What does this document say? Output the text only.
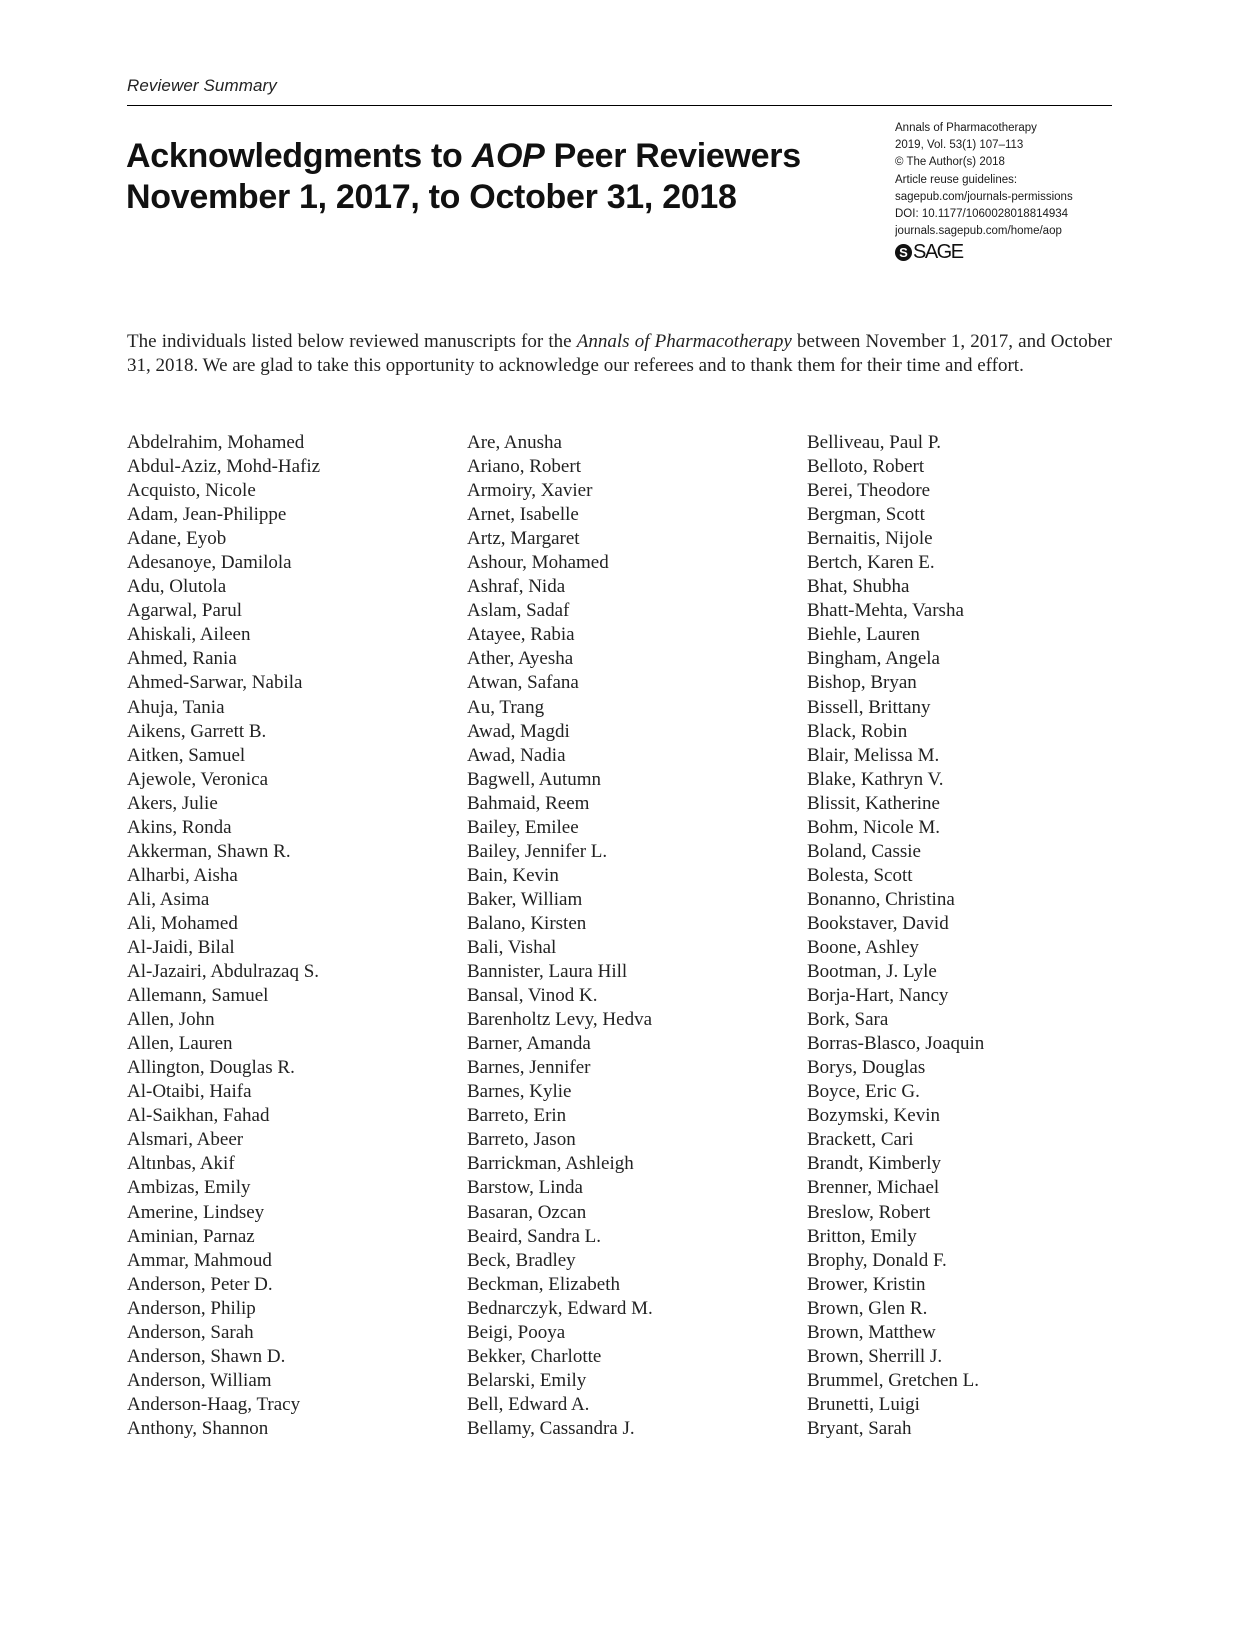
Reviewer Summary
Acknowledgments to AOP Peer Reviewers
November 1, 2017, to October 31, 2018
Annals of Pharmacotherapy
2019, Vol. 53(1) 107–113
© The Author(s) 2018
Article reuse guidelines:
sagepub.com/journals-permissions
DOI: 10.1177/1060028018814934
journals.sagepub.com/home/aop
S SAGE

The individuals listed below reviewed manuscripts for the Annals of Pharmacotherapy between November 1, 2017, and October 31, 2018. We are glad to take this opportunity to acknowledge our referees and to thank them for their time and effort.

Abdelrahim, Mohamed
Abdul-Aziz, Mohd-Hafiz
Acquisto, Nicole
Adam, Jean-Philippe
Adane, Eyob
Adesanoye, Damilola
Adu, Olutola
Agarwal, Parul
Ahiskali, Aileen
Ahmed, Rania
Ahmed-Sarwar, Nabila
Ahuja, Tania
Aikens, Garrett B.
Aitken, Samuel
Ajewole, Veronica
Akers, Julie
Akins, Ronda
Akkerman, Shawn R.
Alharbi, Aisha
Ali, Asima
Ali, Mohamed
Al-Jaidi, Bilal
Al-Jazairi, Abdulrazaq S.
Allemann, Samuel
Allen, John
Allen, Lauren
Allington, Douglas R.
Al-Otaibi, Haifa
Al-Saikhan, Fahad
Alsmari, Abeer
Altınbas, Akif
Ambizas, Emily
Amerine, Lindsey
Aminian, Parnaz
Ammar, Mahmoud
Anderson, Peter D.
Anderson, Philip
Anderson, Sarah
Anderson, Shawn D.
Anderson, William
Anderson-Haag, Tracy
Anthony, Shannon
Are, Anusha
Ariano, Robert
Armoiry, Xavier
Arnet, Isabelle
Artz, Margaret
Ashour, Mohamed
Ashraf, Nida
Aslam, Sadaf
Atayee, Rabia
Ather, Ayesha
Atwan, Safana
Au, Trang
Awad, Magdi
Awad, Nadia
Bagwell, Autumn
Bahmaid, Reem
Bailey, Emilee
Bailey, Jennifer L.
Bain, Kevin
Baker, William
Balano, Kirsten
Bali, Vishal
Bannister, Laura Hill
Bansal, Vinod K.
Barenholtz Levy, Hedva
Barner, Amanda
Barnes, Jennifer
Barnes, Kylie
Barreto, Erin
Barreto, Jason
Barrickman, Ashleigh
Barstow, Linda
Basaran, Ozcan
Beaird, Sandra L.
Beck, Bradley
Beckman, Elizabeth
Bednarczyk, Edward M.
Beigi, Pooya
Bekker, Charlotte
Belarski, Emily
Bell, Edward A.
Bellamy, Cassandra J.
Belliveau, Paul P.
Belloto, Robert
Berei, Theodore
Bergman, Scott
Bernaitis, Nijole
Bertch, Karen E.
Bhat, Shubha
Bhatt-Mehta, Varsha
Biehle, Lauren
Bingham, Angela
Bishop, Bryan
Bissell, Brittany
Black, Robin
Blair, Melissa M.
Blake, Kathryn V.
Blissit, Katherine
Bohm, Nicole M.
Boland, Cassie
Bolesta, Scott
Bonanno, Christina
Bookstaver, David
Boone, Ashley
Bootman, J. Lyle
Borja-Hart, Nancy
Bork, Sara
Borras-Blasco, Joaquin
Borys, Douglas
Boyce, Eric G.
Bozymski, Kevin
Brackett, Cari
Brandt, Kimberly
Brenner, Michael
Breslow, Robert
Britton, Emily
Brophy, Donald F.
Brower, Kristin
Brown, Glen R.
Brown, Matthew
Brown, Sherrill J.
Brummel, Gretchen L.
Brunetti, Luigi
Bryant, Sarah
